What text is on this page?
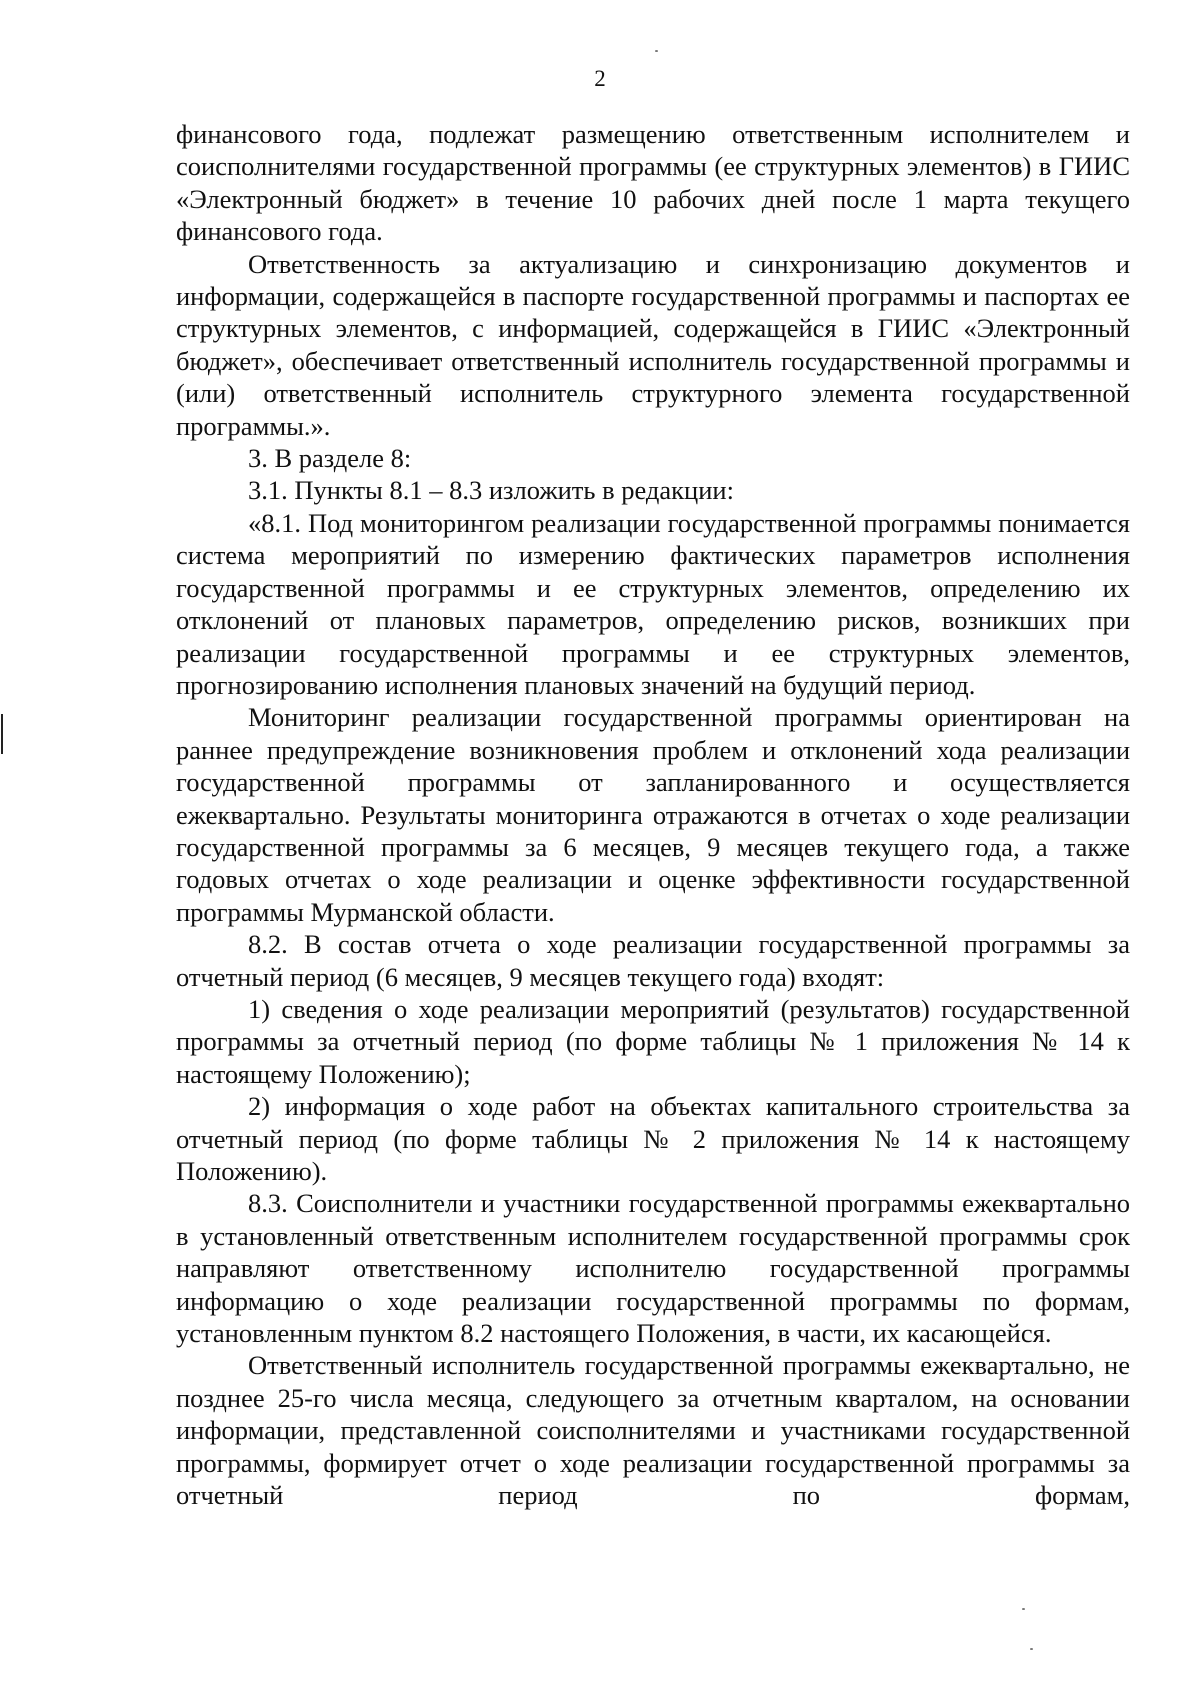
2

финансового года, подлежат размещению ответственным исполнителем и соисполнителями государственной программы (ее структурных элементов) в ГИИС «Электронный бюджет» в течение 10 рабочих дней после 1 марта текущего финансового года.

Ответственность за актуализацию и синхронизацию документов и информации, содержащейся в паспорте государственной программы и паспортах ее структурных элементов, с информацией, содержащейся в ГИИС «Электронный бюджет», обеспечивает ответственный исполнитель государственной программы и (или) ответственный исполнитель структурного элемента государственной программы.».

3. В разделе 8:

3.1. Пункты 8.1 – 8.3 изложить в редакции:

«8.1. Под мониторингом реализации государственной программы понимается система мероприятий по измерению фактических параметров исполнения государственной программы и ее структурных элементов, определению их отклонений от плановых параметров, определению рисков, возникших при реализации государственной программы и ее структурных элементов, прогнозированию исполнения плановых значений на будущий период.

Мониторинг реализации государственной программы ориентирован на раннее предупреждение возникновения проблем и отклонений хода реализации государственной программы от запланированного и осуществляется ежеквартально. Результаты мониторинга отражаются в отчетах о ходе реализации государственной программы за 6 месяцев, 9 месяцев текущего года, а также годовых отчетах о ходе реализации и оценке эффективности государственной программы Мурманской области.

8.2. В состав отчета о ходе реализации государственной программы за отчетный период (6 месяцев, 9 месяцев текущего года) входят:

1) сведения о ходе реализации мероприятий (результатов) государственной программы за отчетный период (по форме таблицы № 1 приложения № 14 к настоящему Положению);

2) информация о ходе работ на объектах капитального строительства за отчетный период (по форме таблицы № 2 приложения № 14 к настоящему Положению).

8.3. Соисполнители и участники государственной программы ежеквартально в установленный ответственным исполнителем государственной программы срок направляют ответственному исполнителю государственной программы информацию о ходе реализации государственной программы по формам, установленным пунктом 8.2 настоящего Положения, в части, их касающейся.

Ответственный исполнитель государственной программы ежеквартально, не позднее 25-го числа месяца, следующего за отчетным кварталом, на основании информации, представленной соисполнителями и участниками государственной программы, формирует отчет о ходе реализации государственной программы за отчетный период по формам,
